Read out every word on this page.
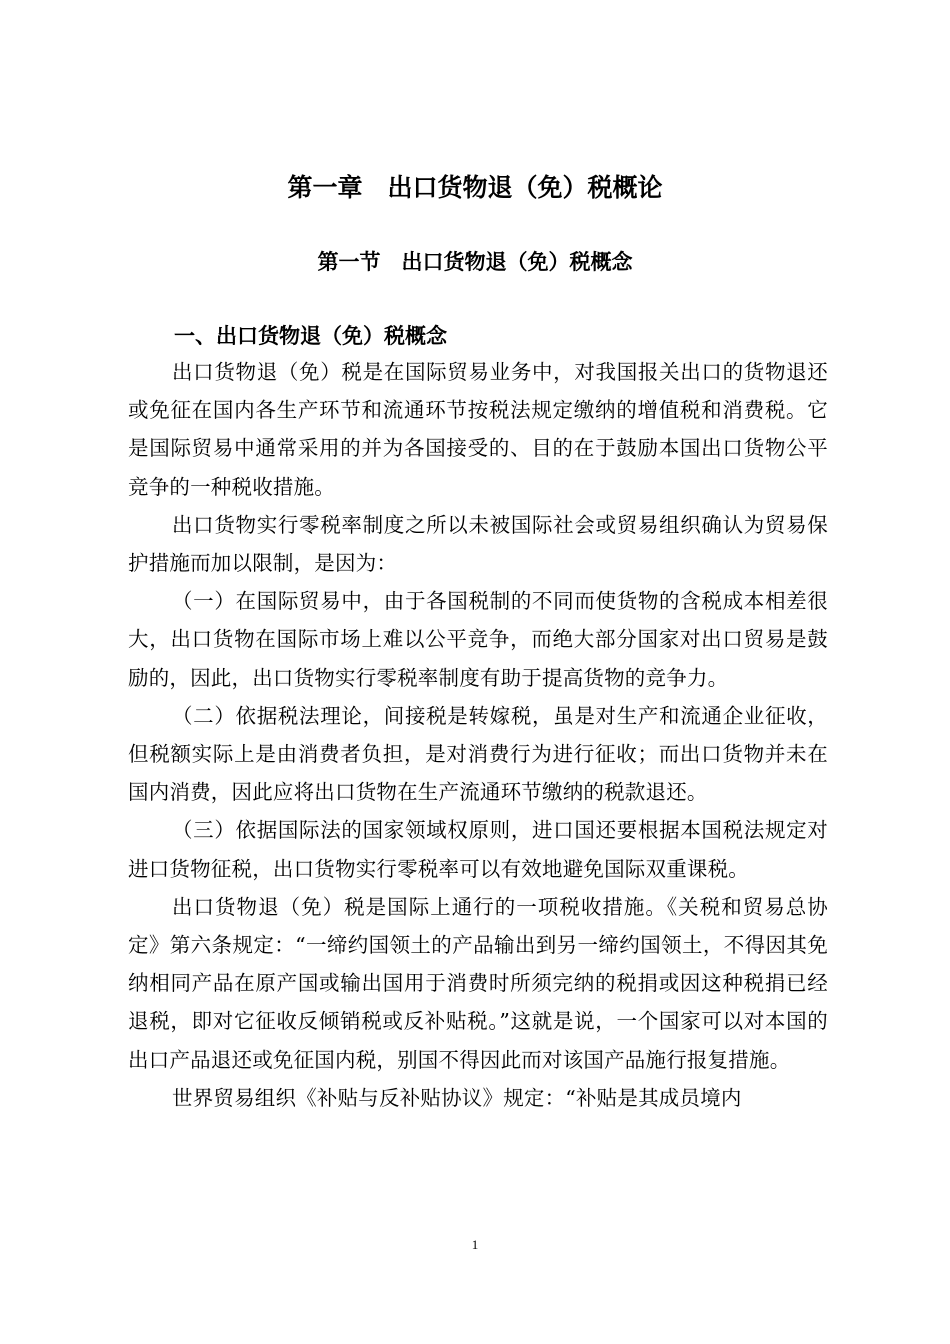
第一章　出口货物退（免）税概论
第一节　出口货物退（免）税概念
一、出口货物退（免）税概念

出口货物退（免）税是在国际贸易业务中，对我国报关出口的货物退还或免征在国内各生产环节和流通环节按税法规定缴纳的增值税和消费税。它是国际贸易中通常采用的并为各国接受的、目的在于鼓励本国出口货物公平竞争的一种税收措施。

出口货物实行零税率制度之所以未被国际社会或贸易组织确认为贸易保护措施而加以限制，是因为：

（一）在国际贸易中，由于各国税制的不同而使货物的含税成本相差很大，出口货物在国际市场上难以公平竞争，而绝大部分国家对出口贸易是鼓励的，因此，出口货物实行零税率制度有助于提高货物的竞争力。

（二）依据税法理论，间接税是转嫁税，虽是对生产和流通企业征收，但税额实际上是由消费者负担，是对消费行为进行征收；而出口货物并未在国内消费，因此应将出口货物在生产流通环节缴纳的税款退还。

（三）依据国际法的国家领域权原则，进口国还要根据本国税法规定对进口货物征税，出口货物实行零税率可以有效地避免国际双重课税。

出口货物退（免）税是国际上通行的一项税收措施。《关税和贸易总协定》第六条规定：“一缔约国领土的产品输出到另一缔约国领土，不得因其免纳相同产品在原产国或输出国用于消费时所须完纳的税捐或因这种税捐已经退税，即对它征收反倾销税或反补贴税。”这就是说，一个国家可以对本国的出口产品退还或免征国内税，别国不得因此而对该国产品施行报复措施。

世界贸易组织《补贴与反补贴协议》规定：“补贴是其成员境内

1
